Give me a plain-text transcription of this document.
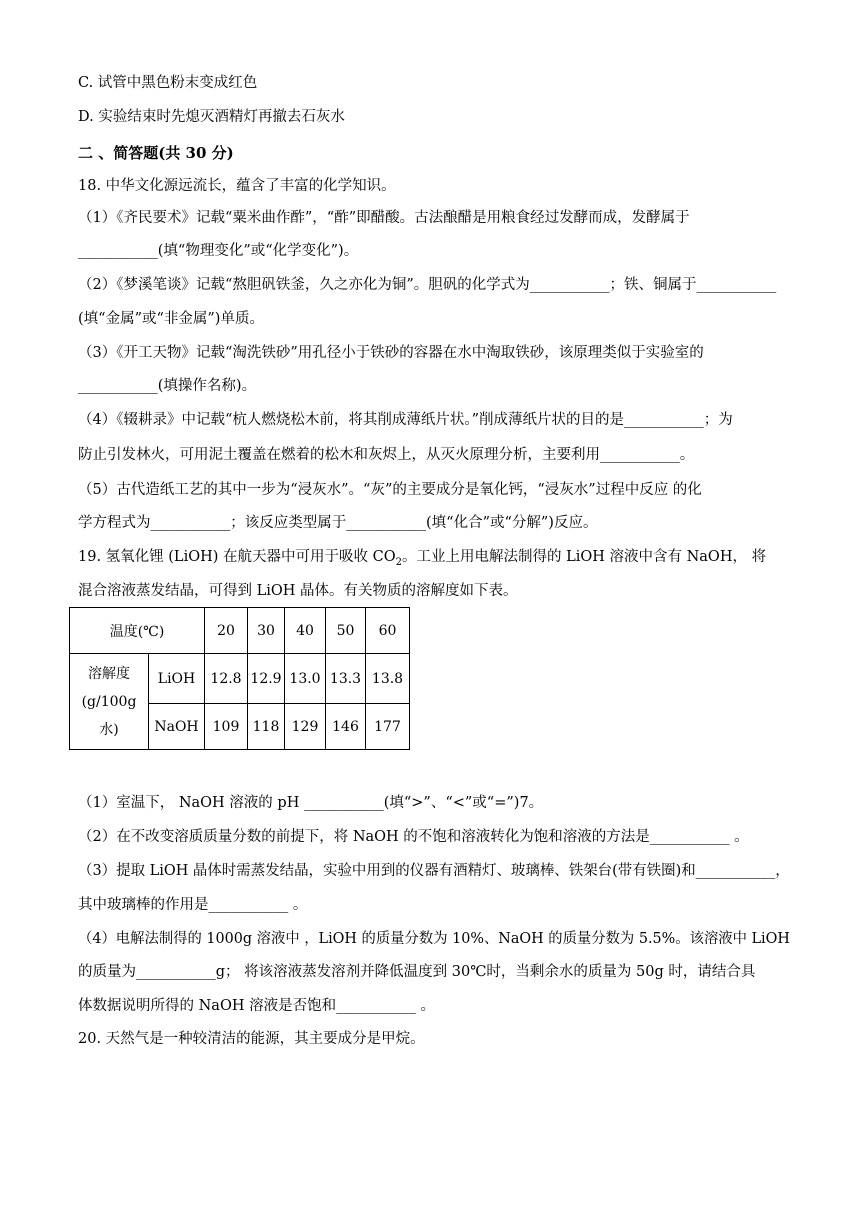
C. 试管中黑色粉末变成红色
D. 实验结束时先熄灭酒精灯再撤去石灰水
二 、简答题(共 30 分)
18. 中华文化源远流长，蕴含了丰富的化学知识。
（1）《齐民要术》记载“粟米曲作酢”，“酢”即醋酸。古法酿醋是用粮食经过发酵而成，发酵属于
___________(填“物理变化”或“化学变化”)。
（2）《梦溪笔谈》记载“熬胆矾铁釜，久之亦化为铜”。胆矾的化学式为___________；铁、铜属于___________
(填“金属”或“非金属”)单质。
（3）《开工天物》记载“淘洗铁砂”用孔径小于铁砂的容器在水中淘取铁砂，该原理类似于实验室的
___________(填操作名称)。
（4）《辍耕录》中记载“杭人燃烧松木前，将其削成薄纸片状。”削成薄纸片状的目的是___________；为
防止引发林火，可用泥土覆盖在燃着的松木和灰烬上，从灭火原理分析，主要利用___________。
（5）古代造纸工艺的其中一步为“浸灰水”。“灰”的主要成分是氧化钙，“浸灰水”过程中反应 的化
学方程式为___________；该反应类型属于___________(填“化合”或“分解”)反应。
19. 氢氧化锂 (LiOH) 在航天器中可用于吸收 $CO_2$。工业上用电解法制得的 LiOH 溶液中含有 NaOH， 将
混合溶液蒸发结晶，可得到 LiOH 晶体。有关物质的溶解度如下表。
温度(℃)		20	30	40	50	60

溶解度
(g/100g 水)	LiOH	12.8	12.9	13.0	13.3	13.8
	NaOH	109	118	129	146	177
（1）室温下， NaOH 溶液的 pH ___________(填“>”、“<”或“=”)7。
（2）在不改变溶质质量分数的前提下，将 NaOH 的不饱和溶液转化为饱和溶液的方法是___________ 。
（3）提取 LiOH 晶体时需蒸发结晶，实验中用到的仪器有酒精灯、玻璃棒、铁架台(带有铁圈)和___________，
其中玻璃棒的作用是___________ 。
（4）电解法制得的 1000g 溶液中 ，LiOH 的质量分数为 10%、NaOH 的质量分数为 5.5%。该溶液中 LiOH
的质量为___________g； 将该溶液蒸发溶剂并降低温度到 30℃时，当剩余水的质量为 50g 时，请结合具
体数据说明所得的 NaOH 溶液是否饱和___________ 。
20. 天然气是一种较清洁的能源，其主要成分是甲烷。
